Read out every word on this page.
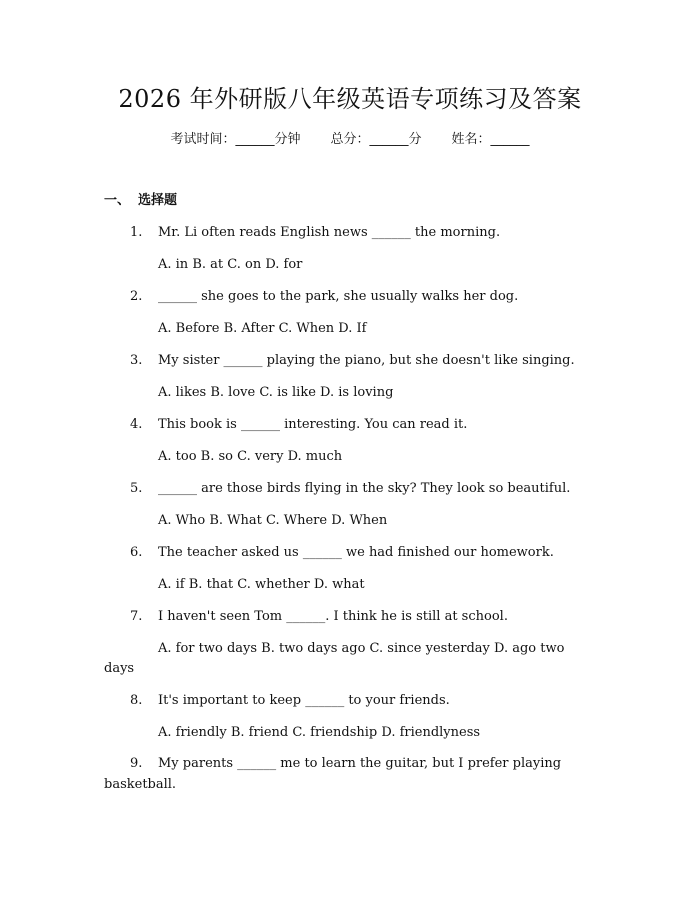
2026 年外研版八年级英语专项练习及答案
考试时间：______分钟 总分：______分 姓名：______
一、 选择题
1. Mr. Li often reads English news ______ the morning.
A. in B. at C. on D. for
2. ______ she goes to the park, she usually walks her dog.
A. Before B. After C. When D. If
3. My sister ______ playing the piano, but she doesn't like singing.
A. likes B. love C. is like D. is loving
4. This book is ______ interesting. You can read it.
A. too B. so C. very D. much
5. ______ are those birds flying in the sky? They look so beautiful.
A. Who B. What C. Where D. When
6. The teacher asked us ______ we had finished our homework.
A. if B. that C. whether D. what
7. I haven't seen Tom ______. I think he is still at school.
A. for two days B. two days ago C. since yesterday D. ago two
days
8. It's important to keep ______ to your friends.
A. friendly B. friend C. friendship D. friendlyness
9. My parents ______ me to learn the guitar, but I prefer playing
basketball.
